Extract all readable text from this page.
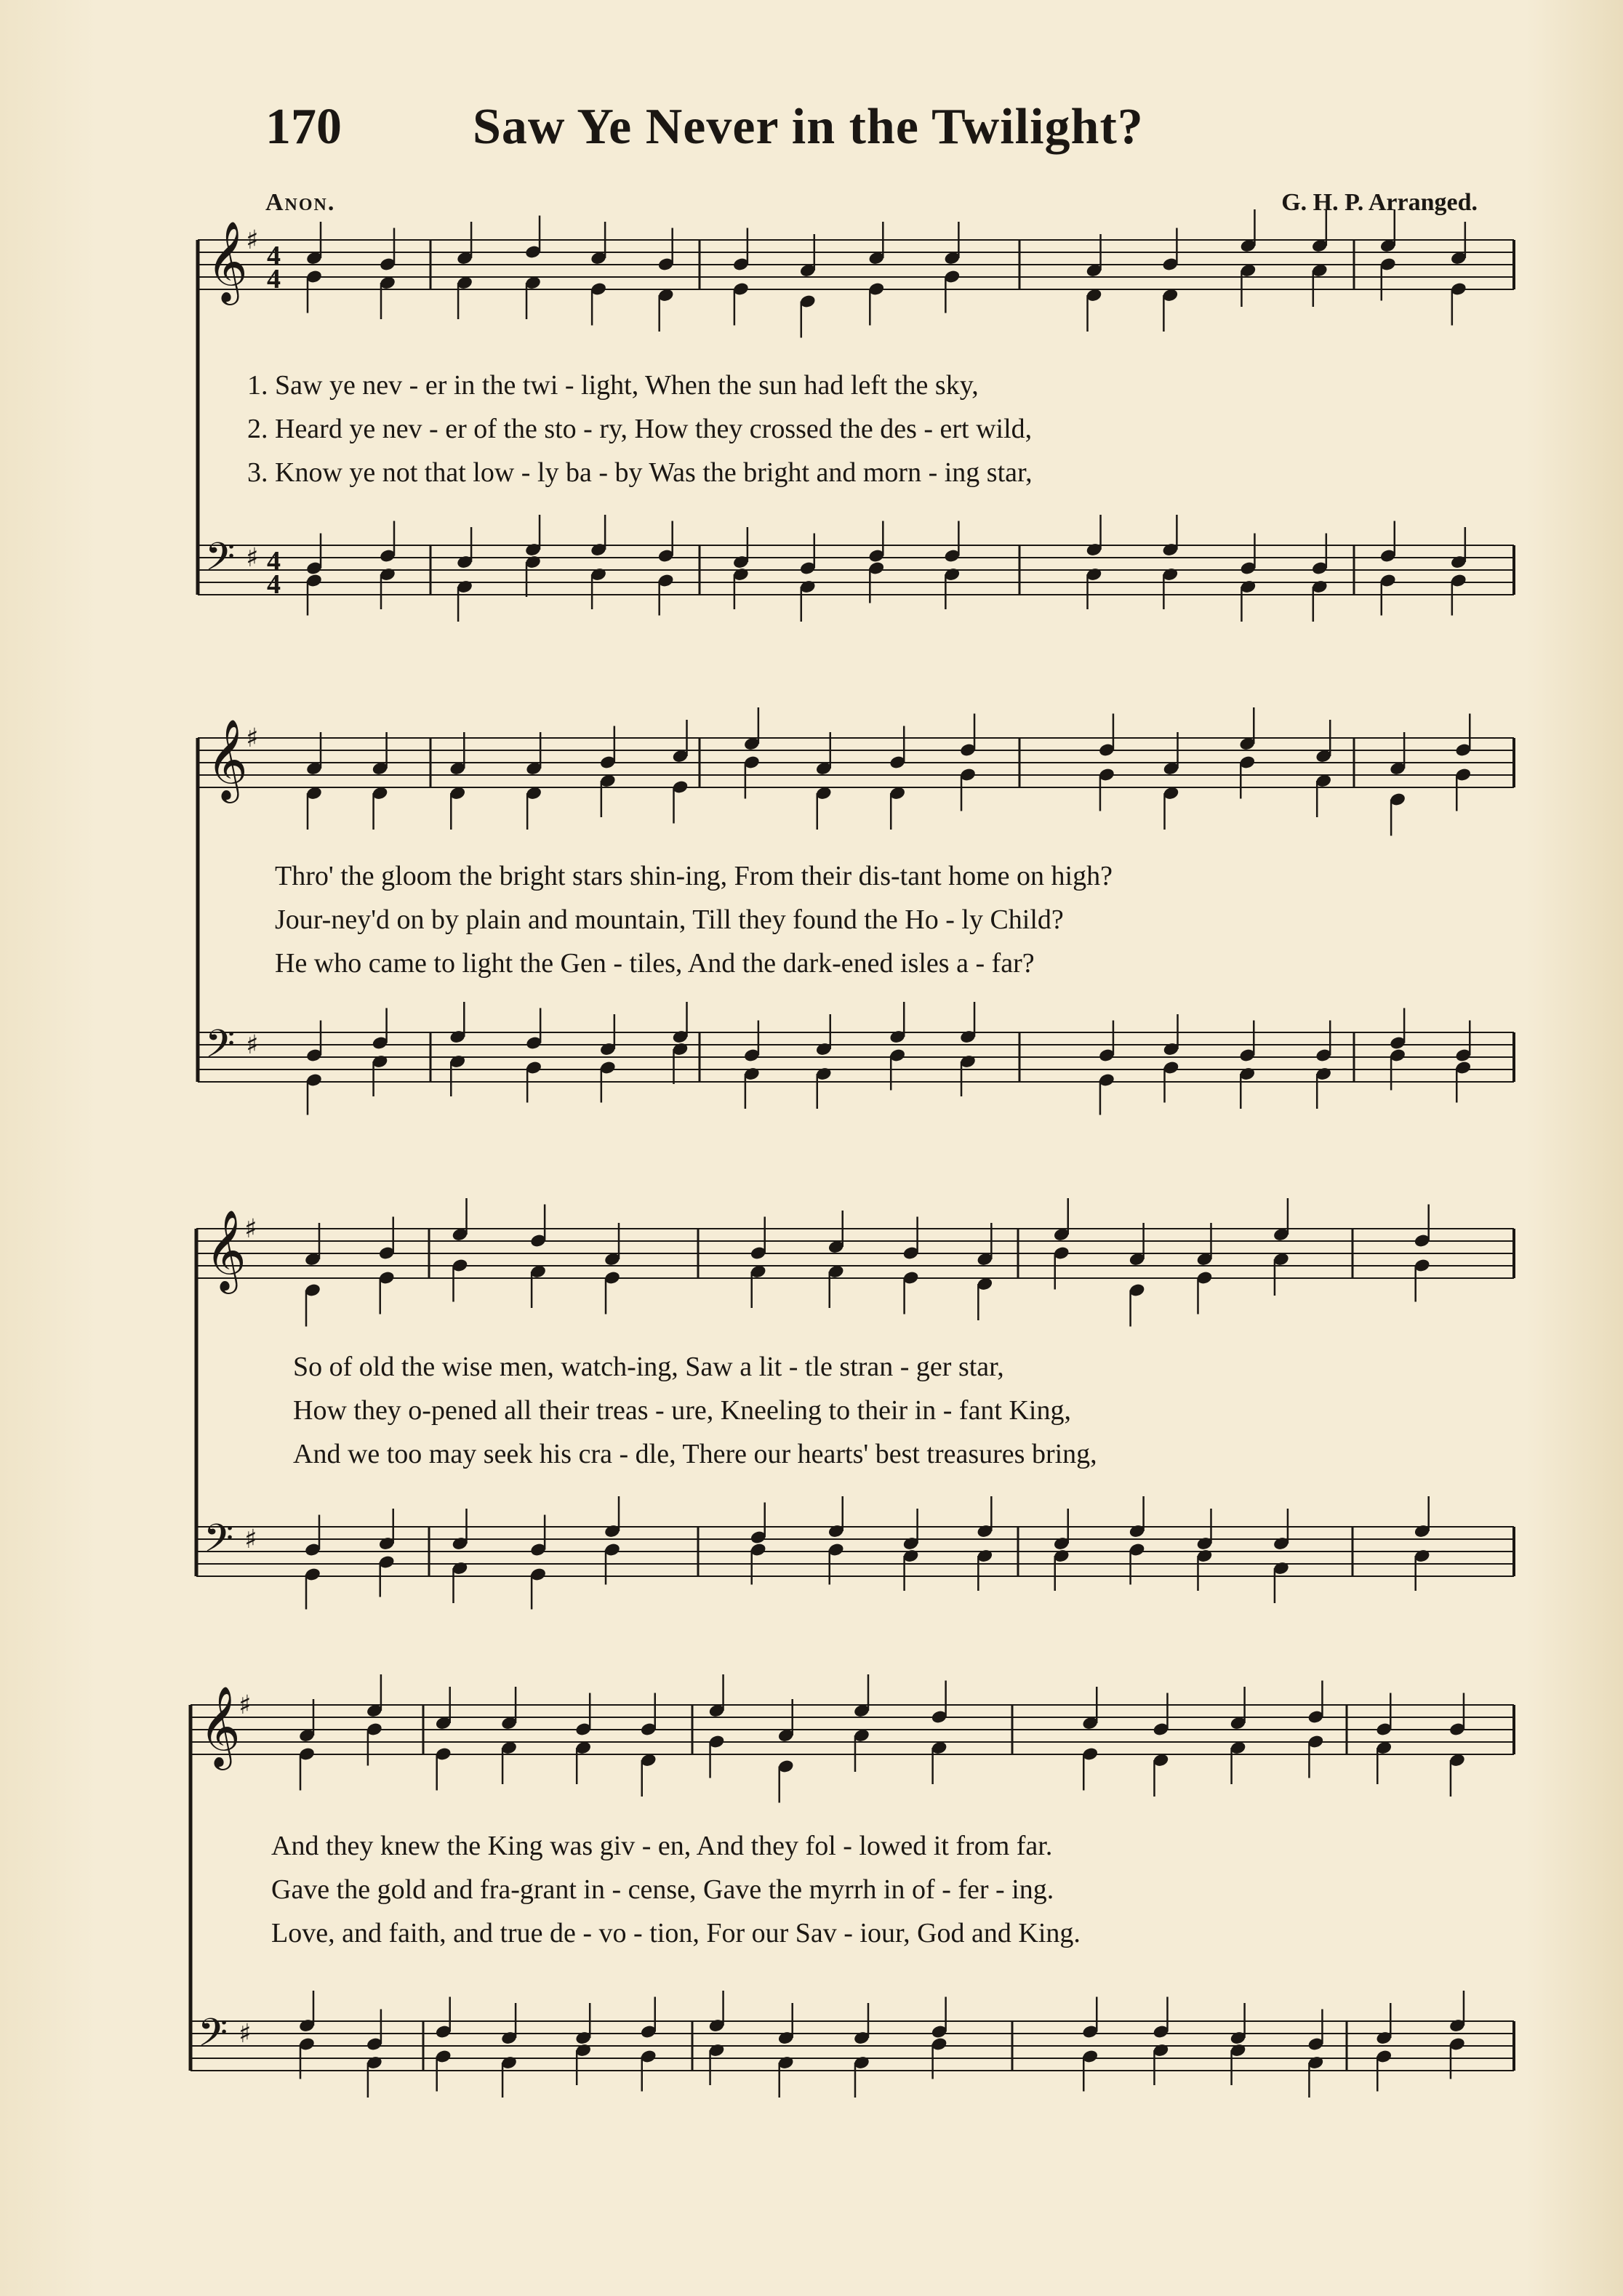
170	Saw Ye Never in the Twilight?
Anon.	G. H. P. Arranged.
𝄞
𝄢
♯
♯
4
4
4
4
1. Saw ye nev - er in the twi - light, When the sun had left the sky,
2. Heard ye nev - er of the sto - ry, How they crossed the des - ert wild,
3. Know ye not that low - ly ba - by Was the bright and morn - ing star,
𝄞
𝄢
♯
♯
Thro' the gloom the bright stars shin-ing, From their dis-tant home on high?
Jour-ney'd on by plain and mountain, Till they found the Ho - ly Child?
He who came to light the Gen - tiles, And the dark-ened isles a - far?
𝄞
𝄢
♯
♯
So of old the wise men, watch-ing, Saw a lit - tle stran - ger star,
How they o-pened all their treas - ure, Kneeling to their in - fant King,
And we too may seek his cra - dle, There our hearts' best treasures bring,
𝄞
𝄢
♯
♯
And they knew the King was giv - en, And they fol - lowed it from far.
Gave the gold and fra-grant in - cense, Gave the myrrh in of - fer - ing.
Love, and faith, and true de - vo - tion, For our Sav - iour, God and King.
